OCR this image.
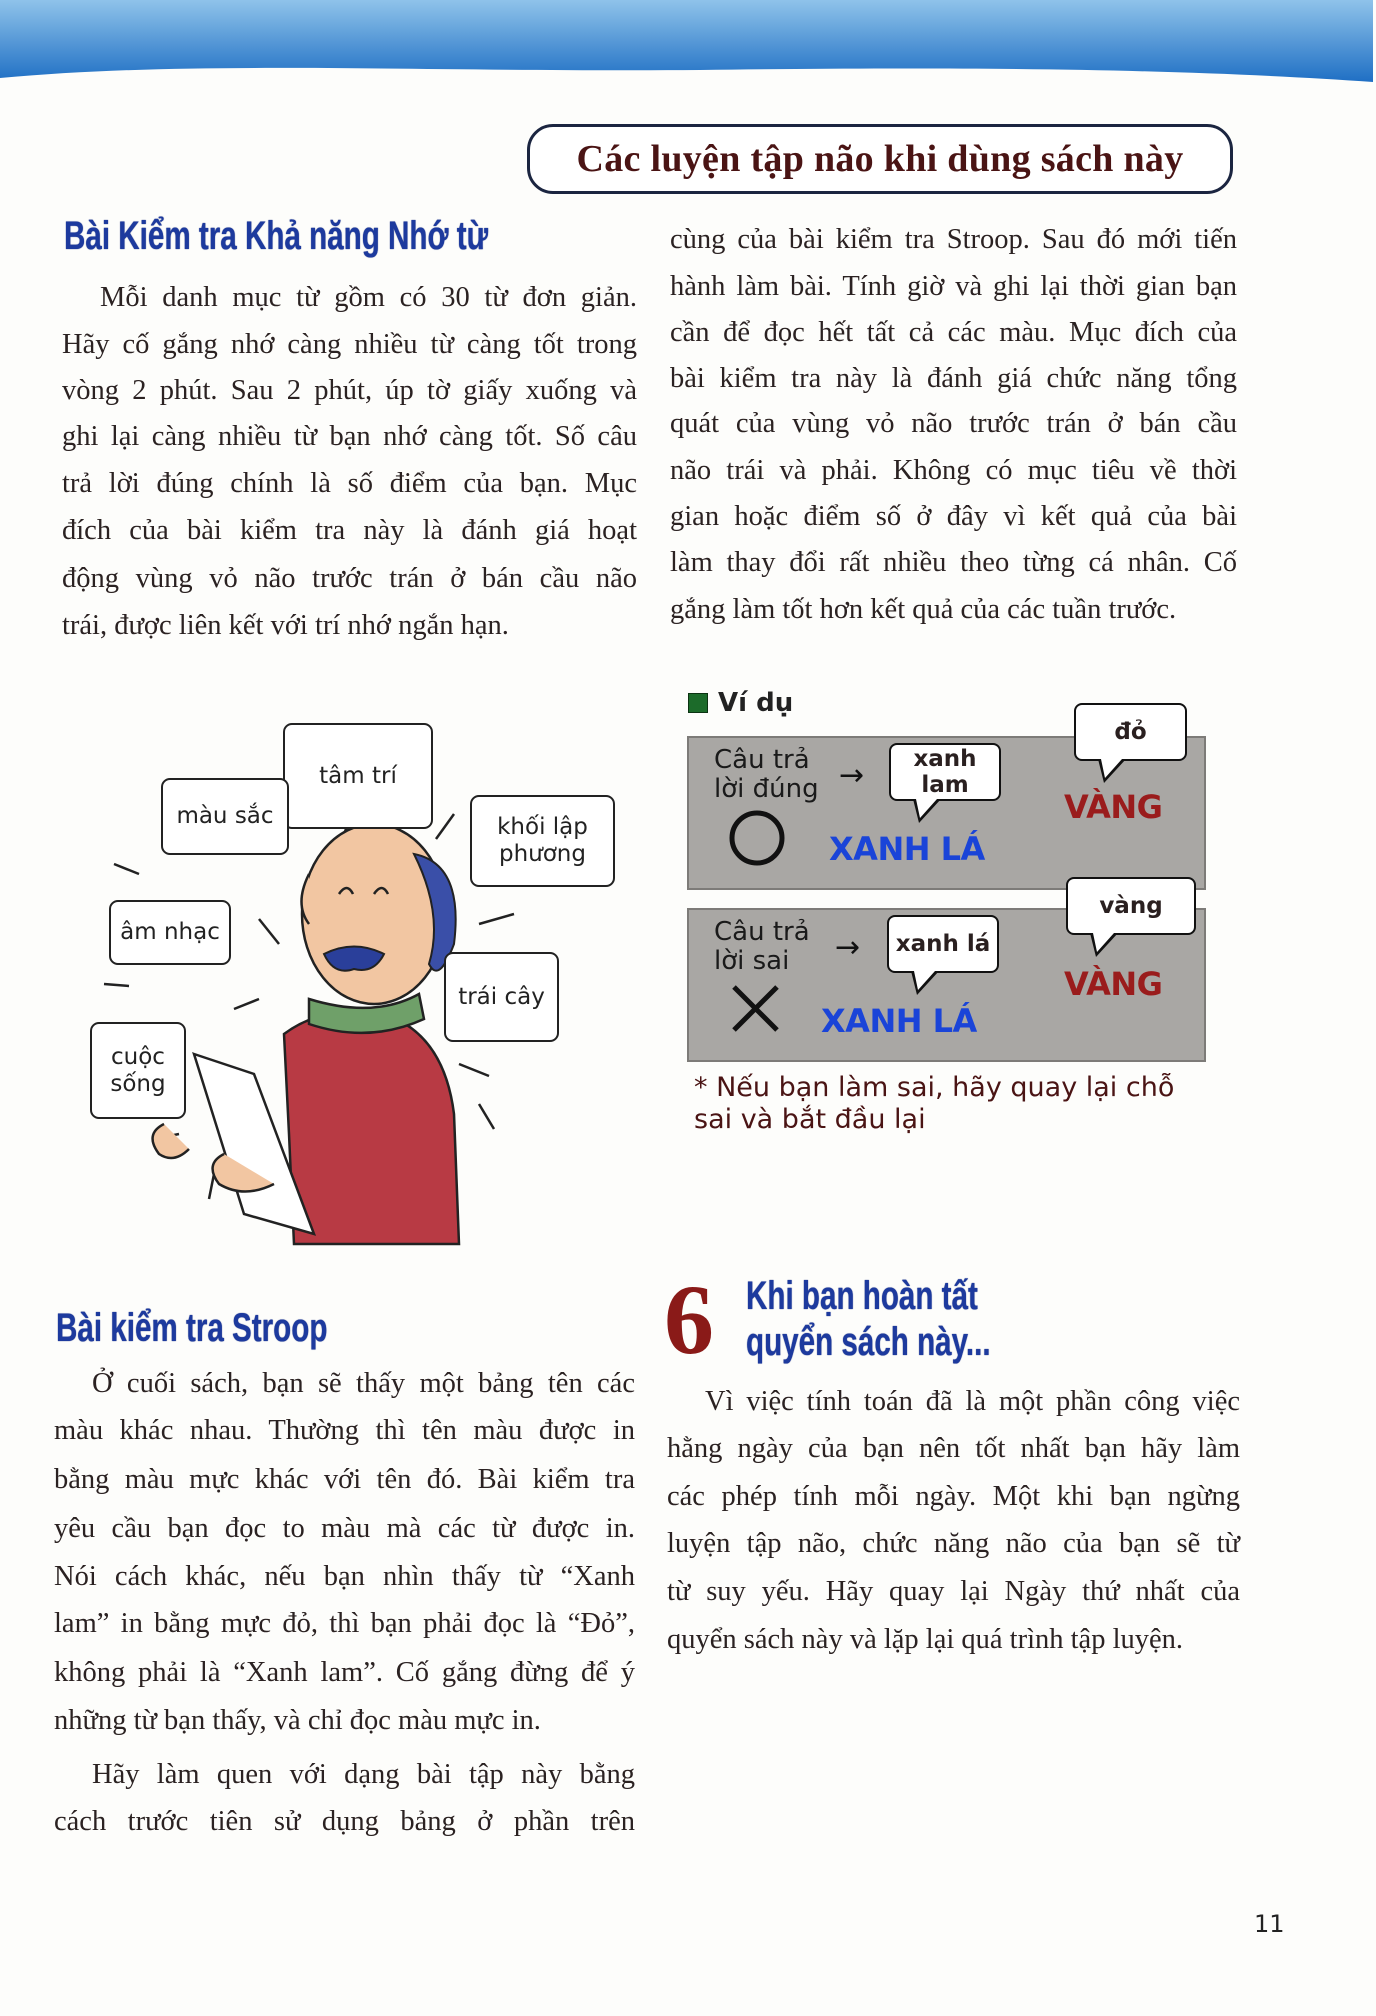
Các luyện tập não khi dùng sách này
Bài Kiểm tra Khả năng Nhớ từ
Mỗi danh mục từ gồm có 30 từ đơn giản.
Hãy cố gắng nhớ càng nhiều từ càng tốt trong
vòng 2 phút. Sau 2 phút, úp tờ giấy xuống và
ghi lại càng nhiều từ bạn nhớ càng tốt. Số câu
trả lời đúng chính là số điểm của bạn. Mục
đích của bài kiểm tra này là đánh giá hoạt
động vùng vỏ não trước trán ở bán cầu não
trái, được liên kết với trí nhớ ngắn hạn.
cùng của bài kiểm tra Stroop. Sau đó mới tiến
hành làm bài. Tính giờ và ghi lại thời gian bạn
cần để đọc hết tất cả các màu. Mục đích của
bài kiểm tra này là đánh giá chức năng tổng
quát của vùng vỏ não trước trán ở bán cầu
não trái và phải. Không có mục tiêu về thời
gian hoặc điểm số ở đây vì kết quả của bài
làm thay đổi rất nhiều theo từng cá nhân. Cố
gắng làm tốt hơn kết quả của các tuần trước.
tâm trí
màu sắc	khối lập phương
âm nhạc
trái cây
cuộc sống
Ví dụ
Câu trả lời đúng →	xanh lam
XANH LÁ
VÀNG
đỏ
Câu trả lời sai	→	xanh lá
XANH LÁ
VÀNG
vàng
* Nếu bạn làm sai, hãy quay lại chỗ sai và bắt đầu lại
Bài kiểm tra Stroop
Ở cuối sách, bạn sẽ thấy một bảng tên các
màu khác nhau. Thường thì tên màu được in
bằng màu mực khác với tên đó. Bài kiểm tra
yêu cầu bạn đọc to màu mà các từ được in.
Nói cách khác, nếu bạn nhìn thấy từ “Xanh
lam” in bằng mực đỏ, thì bạn phải đọc là “Đỏ”,
không phải là “Xanh lam”. Cố gắng đừng để ý
những từ bạn thấy, và chỉ đọc màu mực in.
Hãy làm quen với dạng bài tập này bằng
cách trước tiên sử dụng bảng ở phần trên
6 Khi bạn hoàn tất
quyển sách này...
Vì việc tính toán đã là một phần công việc
hằng ngày của bạn nên tốt nhất bạn hãy làm
các phép tính mỗi ngày. Một khi bạn ngừng
luyện tập não, chức năng não của bạn sẽ từ
từ suy yếu. Hãy quay lại Ngày thứ nhất của
quyển sách này và lặp lại quá trình tập luyện.
11
